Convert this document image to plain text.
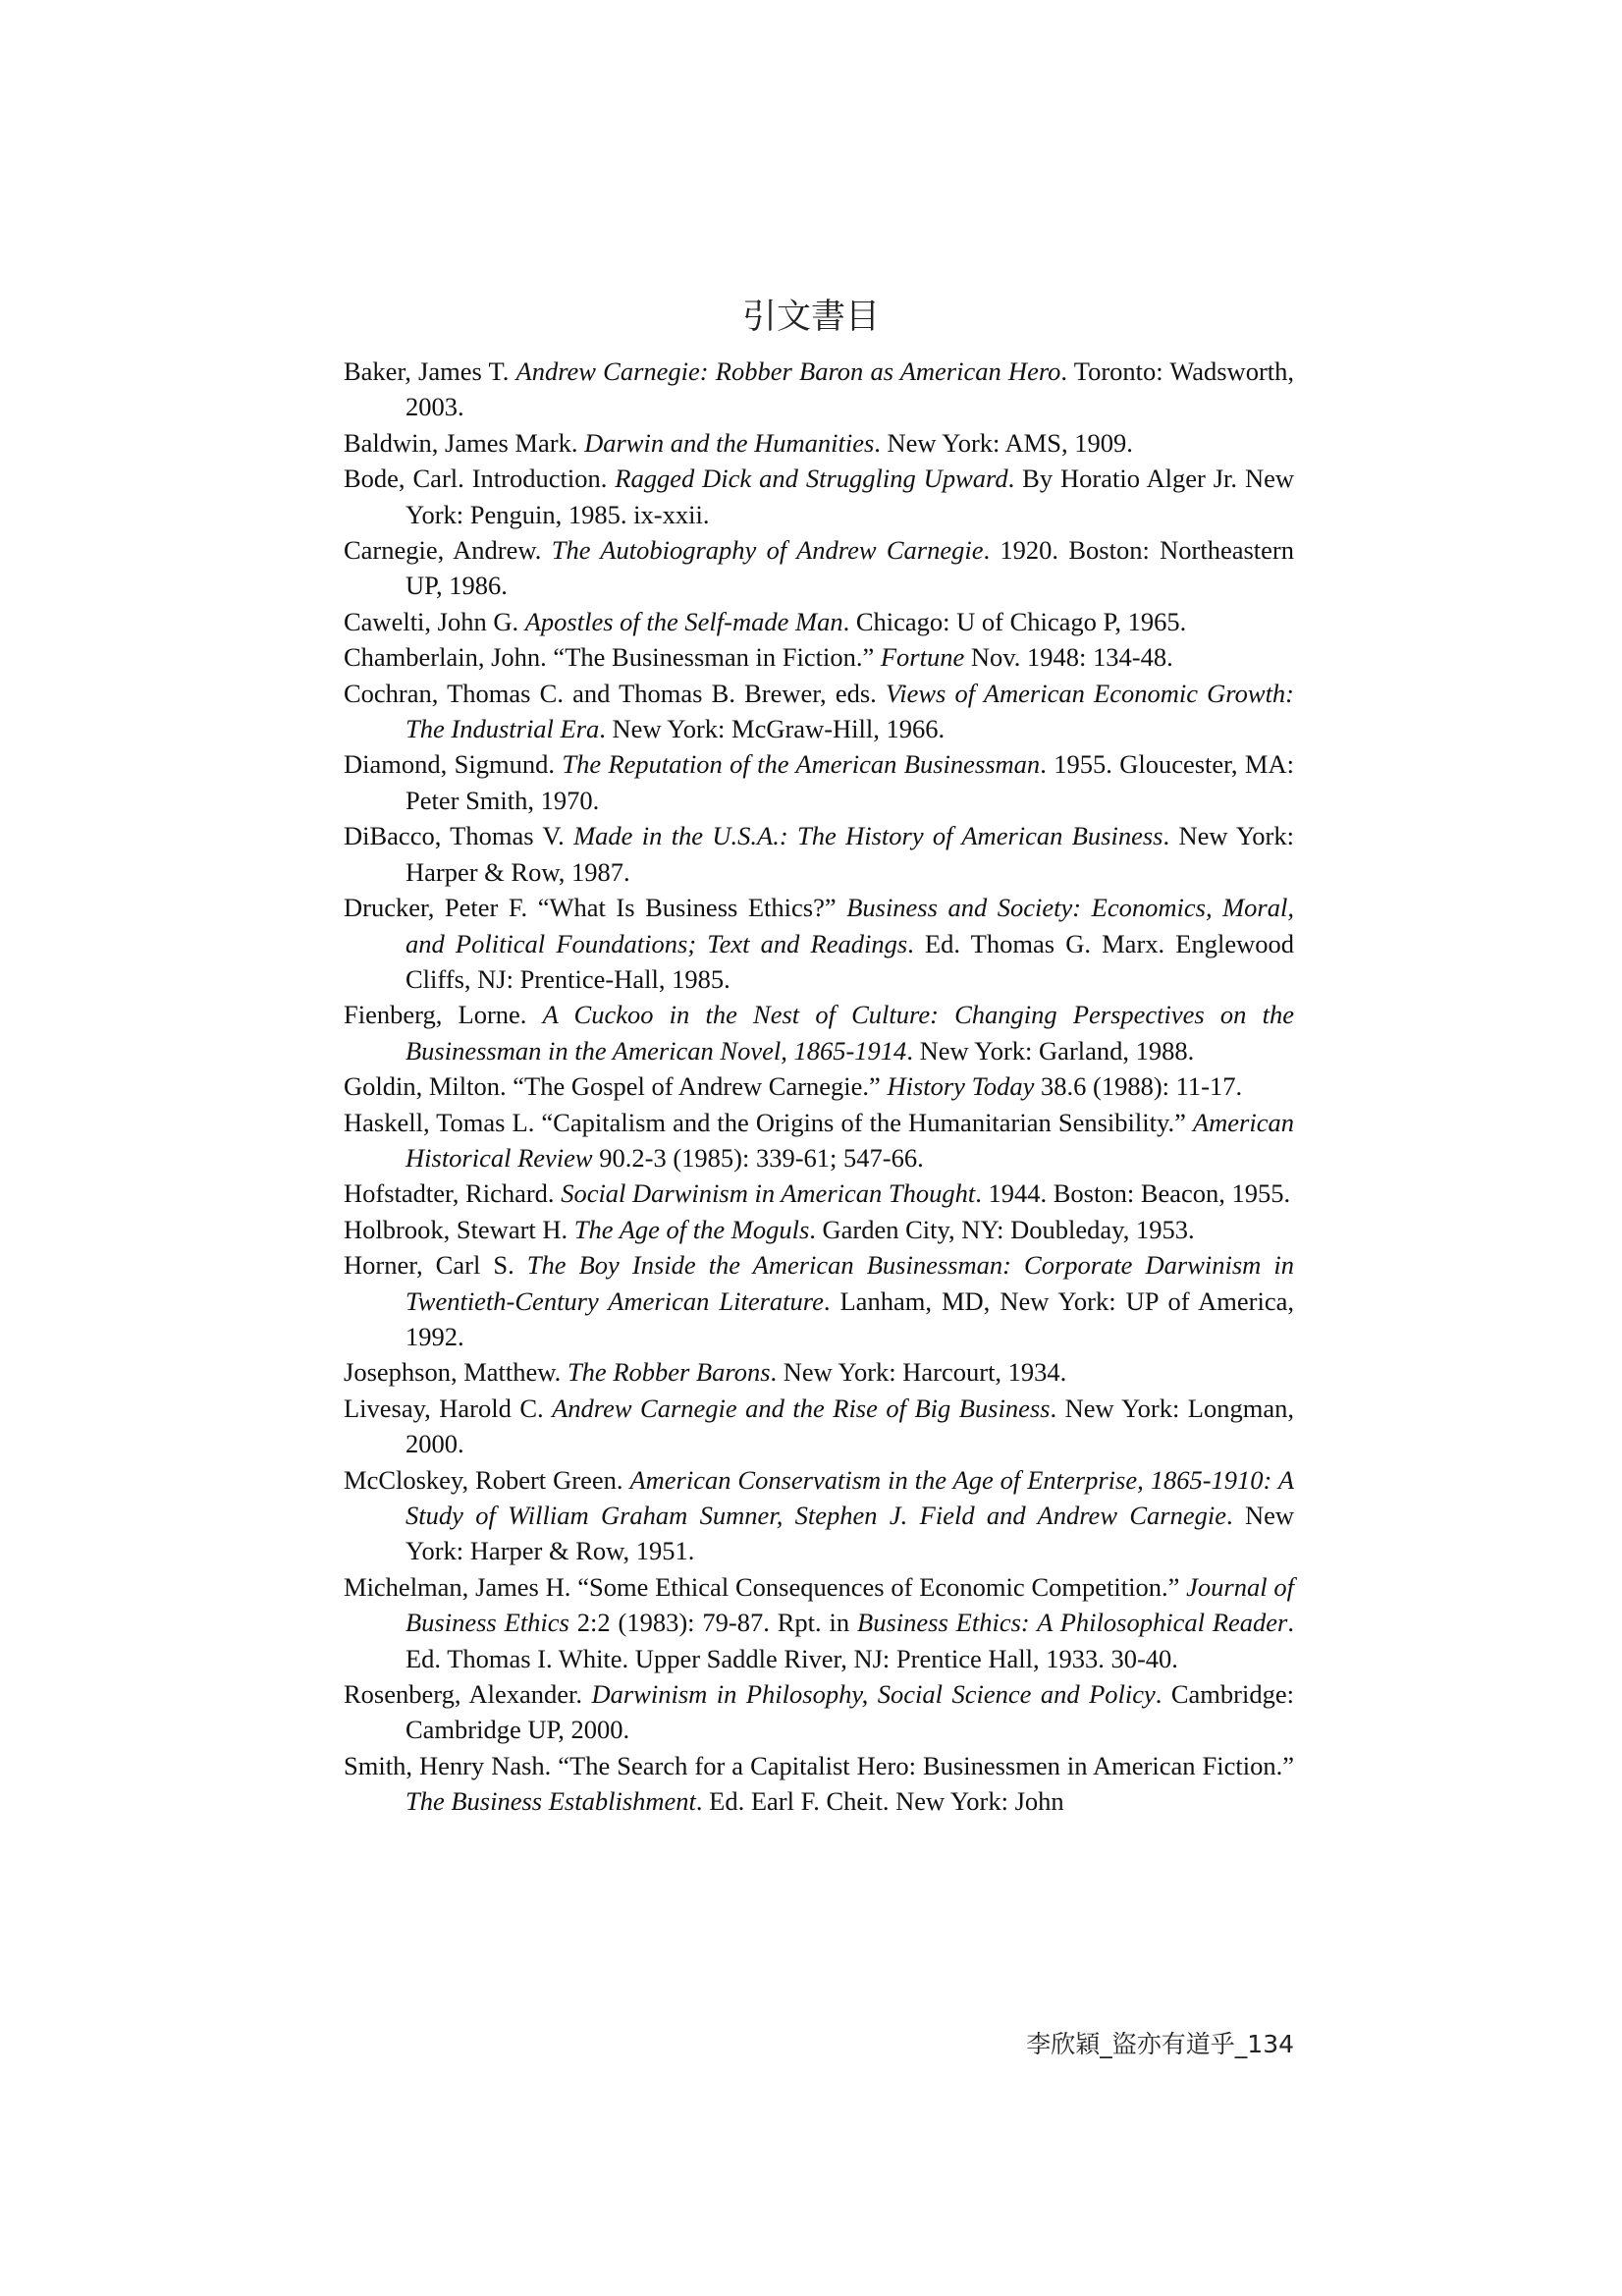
引文書目
Baker, James T. Andrew Carnegie: Robber Baron as American Hero. Toronto: Wadsworth, 2003.
Baldwin, James Mark. Darwin and the Humanities. New York: AMS, 1909.
Bode, Carl. Introduction. Ragged Dick and Struggling Upward. By Horatio Alger Jr. New York: Penguin, 1985. ix-xxii.
Carnegie, Andrew. The Autobiography of Andrew Carnegie. 1920. Boston: Northeastern UP, 1986.
Cawelti, John G. Apostles of the Self-made Man. Chicago: U of Chicago P, 1965.
Chamberlain, John. “The Businessman in Fiction.” Fortune Nov. 1948: 134-48.
Cochran, Thomas C. and Thomas B. Brewer, eds. Views of American Economic Growth: The Industrial Era. New York: McGraw-Hill, 1966.
Diamond, Sigmund. The Reputation of the American Businessman. 1955. Gloucester, MA: Peter Smith, 1970.
DiBacco, Thomas V. Made in the U.S.A.: The History of American Business. New York: Harper & Row, 1987.
Drucker, Peter F. “What Is Business Ethics?” Business and Society: Economics, Moral, and Political Foundations; Text and Readings. Ed. Thomas G. Marx. Englewood Cliffs, NJ: Prentice-Hall, 1985.
Fienberg, Lorne. A Cuckoo in the Nest of Culture: Changing Perspectives on the Businessman in the American Novel, 1865-1914. New York: Garland, 1988.
Goldin, Milton. “The Gospel of Andrew Carnegie.” History Today 38.6 (1988): 11-17.
Haskell, Tomas L. “Capitalism and the Origins of the Humanitarian Sensibility.” American Historical Review 90.2-3 (1985): 339-61; 547-66.
Hofstadter, Richard. Social Darwinism in American Thought. 1944. Boston: Beacon, 1955.
Holbrook, Stewart H. The Age of the Moguls. Garden City, NY: Doubleday, 1953.
Horner, Carl S. The Boy Inside the American Businessman: Corporate Darwinism in Twentieth-Century American Literature. Lanham, MD, New York: UP of America, 1992.
Josephson, Matthew. The Robber Barons. New York: Harcourt, 1934.
Livesay, Harold C. Andrew Carnegie and the Rise of Big Business. New York: Longman, 2000.
McCloskey, Robert Green. American Conservatism in the Age of Enterprise, 1865-1910: A Study of William Graham Sumner, Stephen J. Field and Andrew Carnegie. New York: Harper & Row, 1951.
Michelman, James H. “Some Ethical Consequences of Economic Competition.” Journal of Business Ethics 2:2 (1983): 79-87. Rpt. in Business Ethics: A Philosophical Reader. Ed. Thomas I. White. Upper Saddle River, NJ: Prentice Hall, 1933. 30-40.
Rosenberg, Alexander. Darwinism in Philosophy, Social Science and Policy. Cambridge: Cambridge UP, 2000.
Smith, Henry Nash. “The Search for a Capitalist Hero: Businessmen in American Fiction.” The Business Establishment. Ed. Earl F. Cheit. New York: John
李欣穎_盜亦有道乎_134
